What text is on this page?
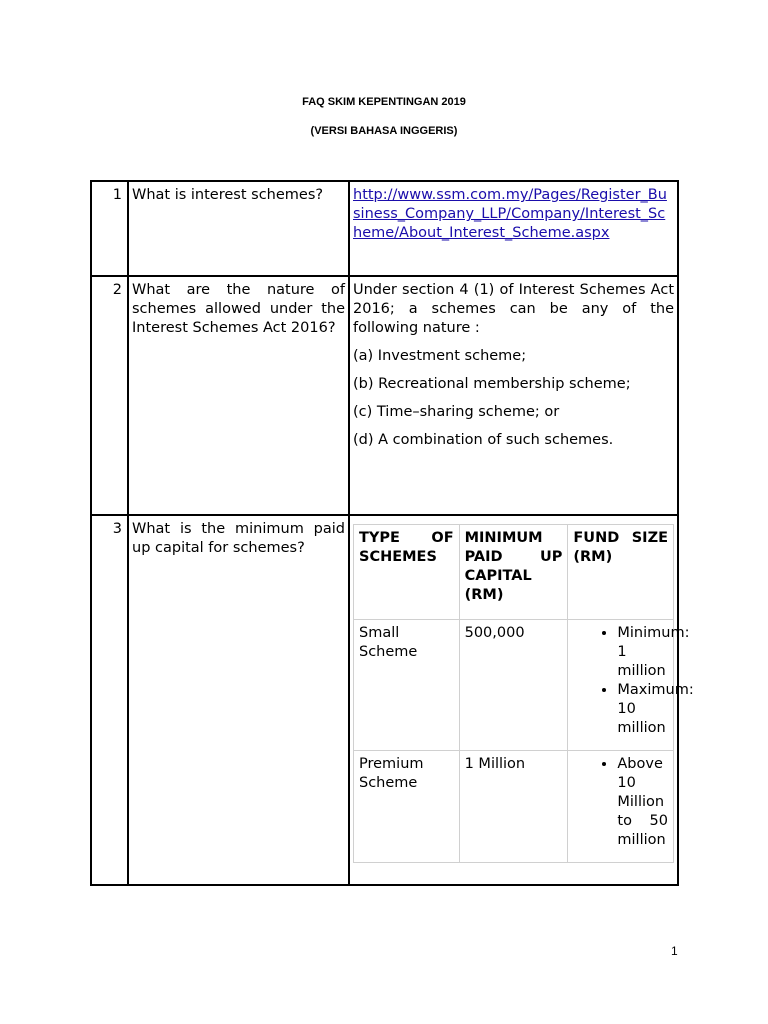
FAQ SKIM KEPENTINGAN 2019
(VERSI BAHASA INGGERIS)
1	What is interest schemes?	http://www.ssm.com.my/Pages/Register_Business_Company_LLP/Company/Interest_Scheme/About_Interest_Scheme.aspx
2	What are the nature of schemes allowed under the Interest Schemes Act 2016?	

Under section 4 (1) of Interest Schemes Act 2016; a schemes can be any of the following nature :

(a) Investment scheme;

(b) Recreational membership scheme;

(c) Time–sharing scheme; or

(d) A combination of such schemes.

3	What is the minimum paid up capital for schemes?	
TYPE OF SCHEMES	MINIMUM PAID UP CAPITAL (RM)	FUND SIZE (RM)
Small Scheme	500,000	
•Minimum: 1 million
• Maximum: 10 million

Premium Scheme	1 Million	
•Above 10 Million to 50 million
1
